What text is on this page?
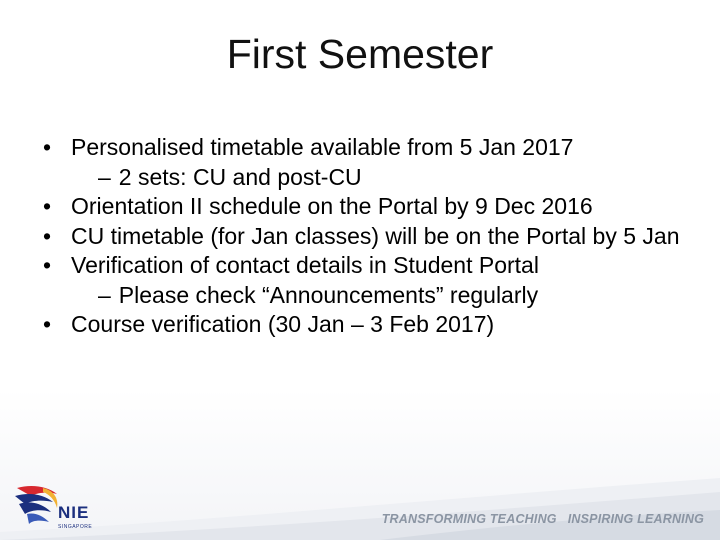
First Semester
• Personalised timetable available from 5 Jan 2017
– 2 sets: CU and post-CU
• Orientation II schedule on the Portal by 9 Dec 2016
• CU timetable (for Jan classes) will be on the Portal by 5 Jan
• Verification of contact details in Student Portal
– Please check “Announcements” regularly
• Course verification (30 Jan – 3 Feb 2017)
NIE
SINGAPORE
TRANSFORMING TEACHING   INSPIRING LEARNING
